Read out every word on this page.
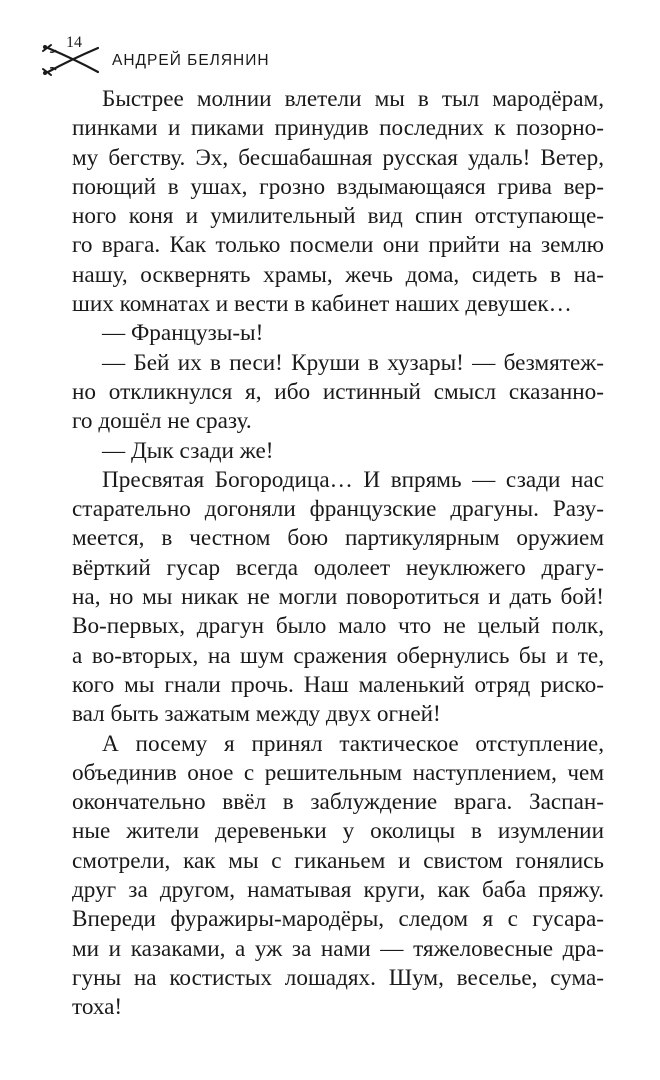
14
АНДРЕЙ БЕЛЯНИН
Быстрее молнии влетели мы в тыл мародёрам,
пинками и пиками принудив последних к позорно-
му бегству. Эх, бесшабашная русская удаль! Ветер,
поющий в ушах, грозно вздымающаяся грива вер-
ного коня и умилительный вид спин отступающе-
го врага. Как только посмели они прийти на землю
нашу, осквернять храмы, жечь дома, сидеть в на-
ших комнатах и вести в кабинет наших девушек…
— Французы-ы!
— Бей их в песи! Круши в хузары! — безмятеж-
но откликнулся я, ибо истинный смысл сказанно-
го дошёл не сразу.
— Дык сзади же!
Пресвятая Богородица… И впрямь — сзади нас
старательно догоняли французские драгуны. Разу-
меется, в честном бою партикулярным оружием
вёрткий гусар всегда одолеет неуклюжего драгу-
на, но мы никак не могли поворотиться и дать бой!
Во-первых, драгун было мало что не целый полк,
а во-вторых, на шум сражения обернулись бы и те,
кого мы гнали прочь. Наш маленький отряд риско-
вал быть зажатым между двух огней!
А посему я принял тактическое отступление,
объединив оное с решительным наступлением, чем
окончательно ввёл в заблуждение врага. Заспан-
ные жители деревеньки у околицы в изумлении
смотрели, как мы с гиканьем и свистом гонялись
друг за другом, наматывая круги, как баба пряжу.
Впереди фуражиры-мародёры, следом я с гусара-
ми и казаками, а уж за нами — тяжеловесные дра-
гуны на костистых лошадях. Шум, веселье, сума-
тоха!
